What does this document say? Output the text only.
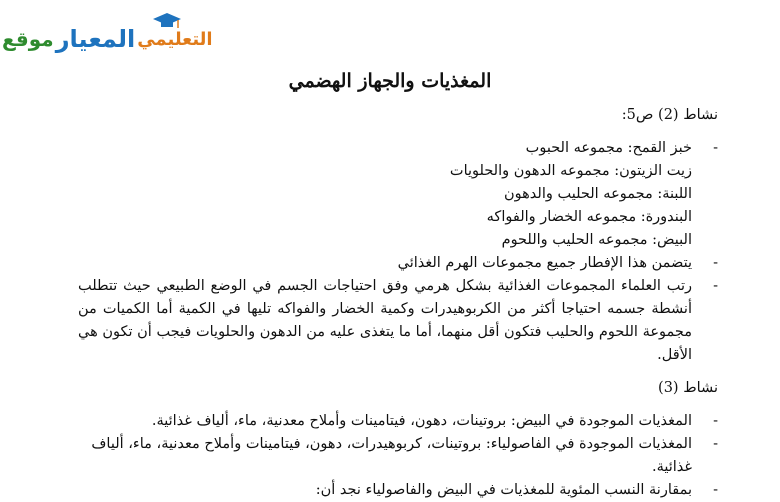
موقع المعيار التعليمي
المغذيات والجهاز الهضمي
نشاط (2) ص5:
- خبز القمح: مجموعه الحبوب
زيت الزيتون: مجموعه الدهون والحلويات
اللبنة: مجموعه الحليب والدهون
البندورة: مجموعه الخضار والفواكه
البيض: مجموعه الحليب واللحوم
- يتضمن هذا الإفطار جميع مجموعات الهرم الغذائي
- رتب العلماء المجموعات الغذائية بشكل هرمي وفق احتياجات الجسم في الوضع الطبيعي حيث تتطلب أنشطة جسمه احتياجا أكثر من الكربوهيدرات وكمية الخضار والفواكه تليها في الكمية أما الكميات من مجموعة اللحوم والحليب فتكون أقل منهما، أما ما يتغذى عليه من الدهون والحلويات فيجب أن تكون هي الأقل.
نشاط (3)
- المغذيات الموجودة في البيض: بروتينات، دهون، فيتامينات وأملاح معدنية، ماء، ألياف غذائية.
- المغذيات الموجودة في الفاصولياء: بروتينات، كربوهيدرات، دهون، فيتامينات وأملاح معدنية، ماء، ألياف غذائية.
- بمقارنة النسب المئوية للمغذيات في البيض والفاصولياء نجد أن:
